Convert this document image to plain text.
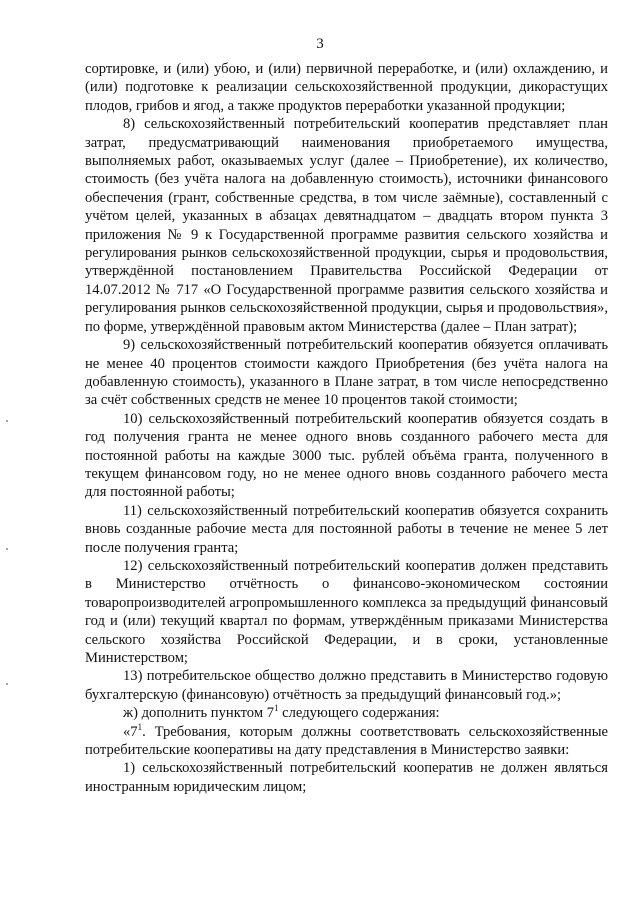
3

сортировке, и (или) убою, и (или) первичной переработке, и (или) охлаждению, и (или) подготовке к реализации сельскохозяйственной продукции, дикорастущих плодов, грибов и ягод, а также продуктов переработки указанной продукции;

8) сельскохозяйственный потребительский кооператив представляет план затрат, предусматривающий наименования приобретаемого имущества, выполняемых работ, оказываемых услуг (далее – Приобретение), их количество, стоимость (без учёта налога на добавленную стоимость), источники финансового обеспечения (грант, собственные средства, в том числе заёмные), составленный с учётом целей, указанных в абзацах девятнадцатом – двадцать втором пункта 3 приложения № 9 к Государственной программе развития сельского хозяйства и регулирования рынков сельскохозяйственной продукции, сырья и продовольствия, утверждённой постановлением Правительства Российской Федерации от 14.07.2012 № 717 «О Государственной программе развития сельского хозяйства и регулирования рынков сельскохозяйственной продукции, сырья и продовольствия», по форме, утверждённой правовым актом Министерства (далее – План затрат);

9) сельскохозяйственный потребительский кооператив обязуется оплачивать не менее 40 процентов стоимости каждого Приобретения (без учёта налога на добавленную стоимость), указанного в Плане затрат, в том числе непосредственно за счёт собственных средств не менее 10 процентов такой стоимости;

10) сельскохозяйственный потребительский кооператив обязуется создать в год получения гранта не менее одного вновь созданного рабочего места для постоянной работы на каждые 3000 тыс. рублей объёма гранта, полученного в текущем финансовом году, но не менее одного вновь созданного рабочего места для постоянной работы;

11) сельскохозяйственный потребительский кооператив обязуется сохранить вновь созданные рабочие места для постоянной работы в течение не менее 5 лет после получения гранта;

12) сельскохозяйственный потребительский кооператив должен представить в Министерство отчётность о финансово-экономическом состоянии товаропроизводителей агропромышленного комплекса за предыдущий финансовый год и (или) текущий квартал по формам, утверждённым приказами Министерства сельского хозяйства Российской Федерации, и в сроки, установленные Министерством;

13) потребительское общество должно представить в Министерство годовую бухгалтерскую (финансовую) отчётность за предыдущий финансовый год.»;

ж) дополнить пунктом $7^1$ следующего содержания:

«$7^1$. Требования, которым должны соответствовать сельскохозяйственные потребительские кооперативы на дату представления в Министерство заявки:

1) сельскохозяйственный потребительский кооператив не должен являться иностранным юридическим лицом;
